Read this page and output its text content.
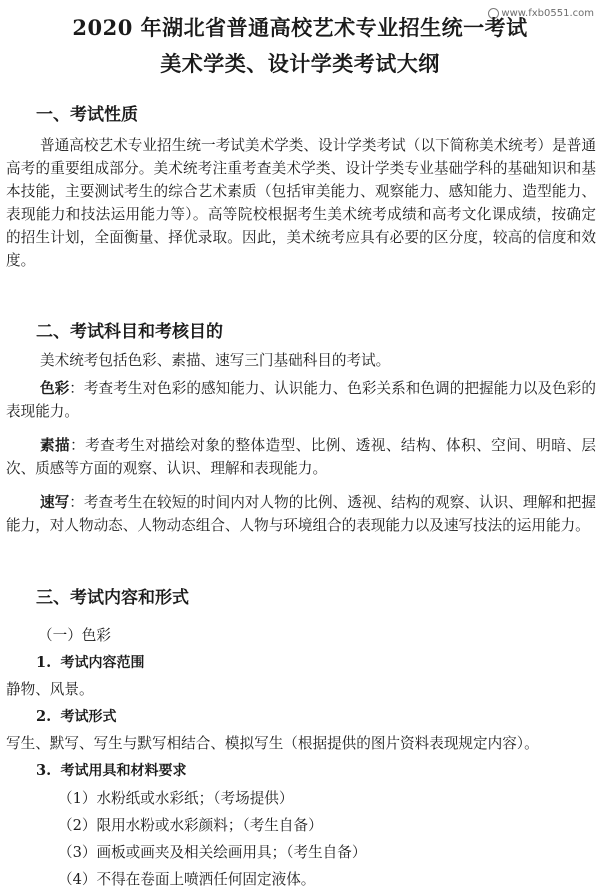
www.fxb0551.com
2020 年湖北省普通高校艺术专业招生统一考试
美术学类、设计学类考试大纲
一、考试性质

普通高校艺术专业招生统一考试美术学类、设计学类考试（以下简称美术统考）是普通高考的重要组成部分。美术统考注重考查美术学类、设计学类专业基础学科的基础知识和基本技能，主要测试考生的综合艺术素质（包括审美能力、观察能力、感知能力、造型能力、表现能力和技法运用能力等）。高等院校根据考生美术统考成绩和高考文化课成绩，按确定的招生计划，全面衡量、择优录取。因此，美术统考应具有必要的区分度，较高的信度和效度。

二、考试科目和考核目的

美术统考包括色彩、素描、速写三门基础科目的考试。

色彩：考查考生对色彩的感知能力、认识能力、色彩关系和色调的把握能力以及色彩的表现能力。

素描：考查考生对描绘对象的整体造型、比例、透视、结构、体积、空间、明暗、层次、质感等方面的观察、认识、理解和表现能力。

速写：考查考生在较短的时间内对人物的比例、透视、结构的观察、认识、理解和把握能力，对人物动态、人物动态组合、人物与环境组合的表现能力以及速写技法的运用能力。

三、考试内容和形式
（一）色彩
1. 考试内容范围
静物、风景。
2. 考试形式
写生、默写、写生与默写相结合、模拟写生（根据提供的图片资料表现规定内容）。
3. 考试用具和材料要求
（1）水粉纸或水彩纸；（考场提供）
（2）限用水粉或水彩颜料；（考生自备）
（3）画板或画夹及相关绘画用具；（考生自备）
（4）不得在卷面上喷洒任何固定液体。
